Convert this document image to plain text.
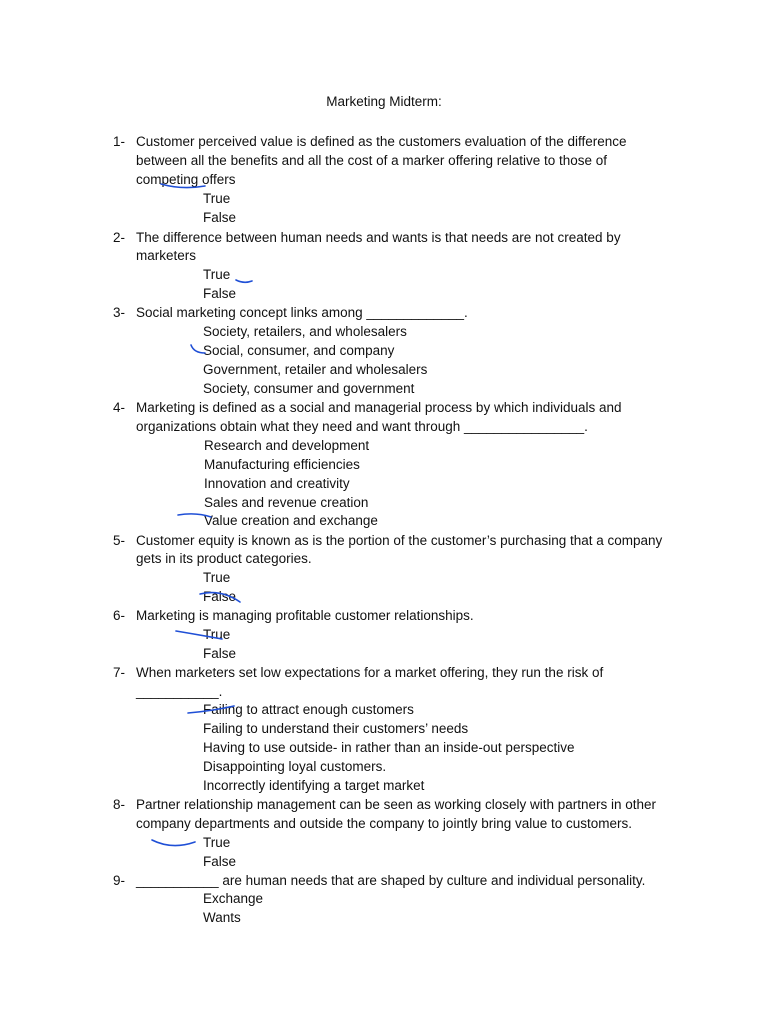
Marketing Midterm:
1- Customer perceived value is defined as the customers evaluation of the difference
between all the benefits and all the cost of a marker offering relative to those of
competing offers
True
False
2- The difference between human needs and wants is that needs are not created by
marketers
True
False
3- Social marketing concept links among _____________.
Society, retailers, and wholesalers
Social, consumer, and company
Government, retailer and wholesalers
Society, consumer and government
4- Marketing is defined as a social and managerial process by which individuals and
organizations obtain what they need and want through ________________.
Research and development
Manufacturing efficiencies
Innovation and creativity
Sales and revenue creation
Value creation and exchange
5- Customer equity is known as is the portion of the customer’s purchasing that a company
gets in its product categories.
True
False
6- Marketing is managing profitable customer relationships.
True
False
7- When marketers set low expectations for a market offering, they run the risk of
___________.
Failing to attract enough customers
Failing to understand their customers’ needs
Having to use outside- in rather than an inside-out perspective
Disappointing loyal customers.
Incorrectly identifying a target market
8- Partner relationship management can be seen as working closely with partners in other
company departments and outside the company to jointly bring value to customers.
True
False
9- ___________ are human needs that are shaped by culture and individual personality.
Exchange
Wants
